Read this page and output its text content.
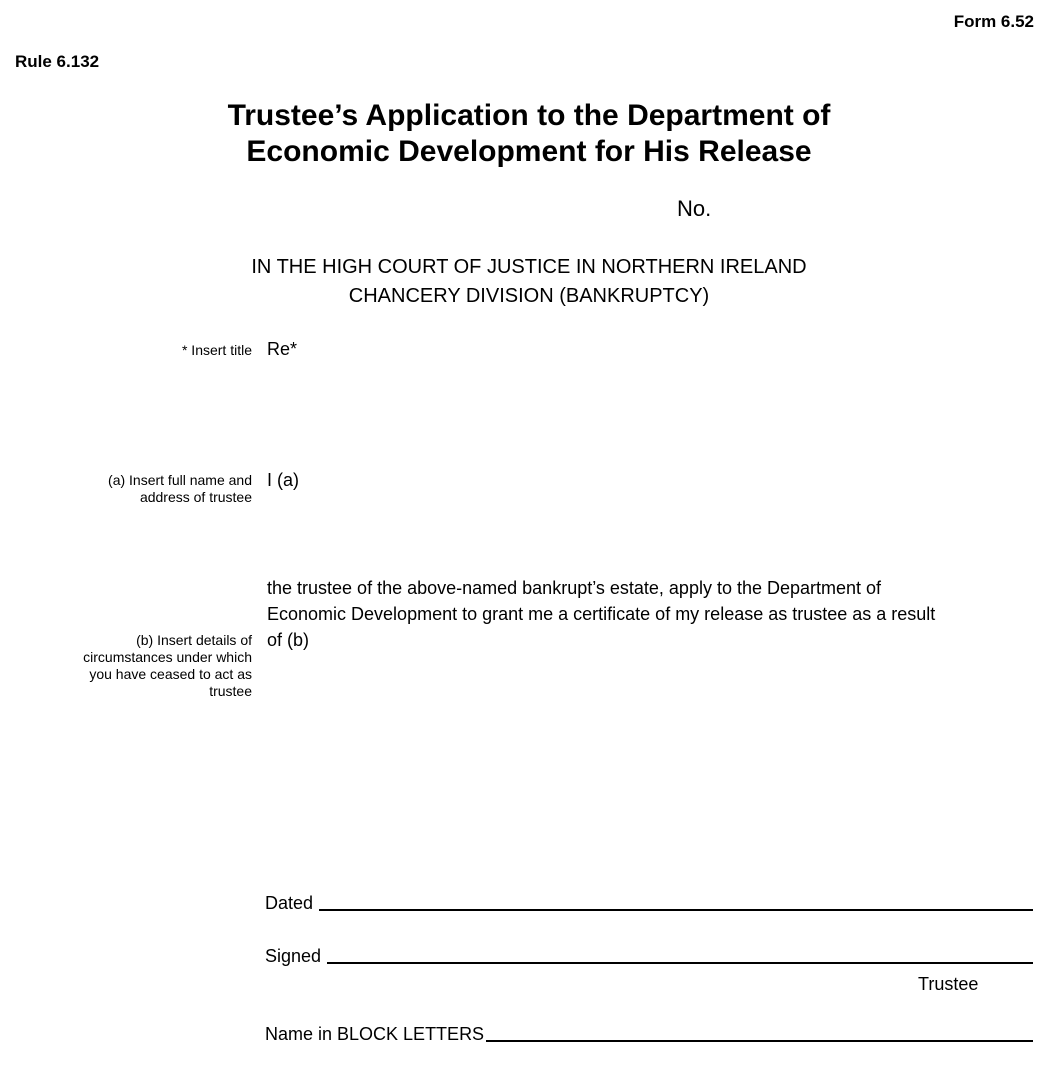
Form 6.52
Rule 6.132
Trustee’s Application to the Department of
Economic Development for His Release
No.
IN THE HIGH COURT OF JUSTICE IN NORTHERN IRELAND
CHANCERY DIVISION (BANKRUPTCY)
* Insert title Re*
(a) Insert full name and
address of trustee
I (a)
the trustee of the above-named bankrupt’s estate, apply to the Department of
Economic Development to grant me a certificate of my release as trustee as a result
of (b)
(b) Insert details of
circumstances under which
you have ceased to act as
trustee
Dated
Signed
Trustee
Name in BLOCK LETTERS
